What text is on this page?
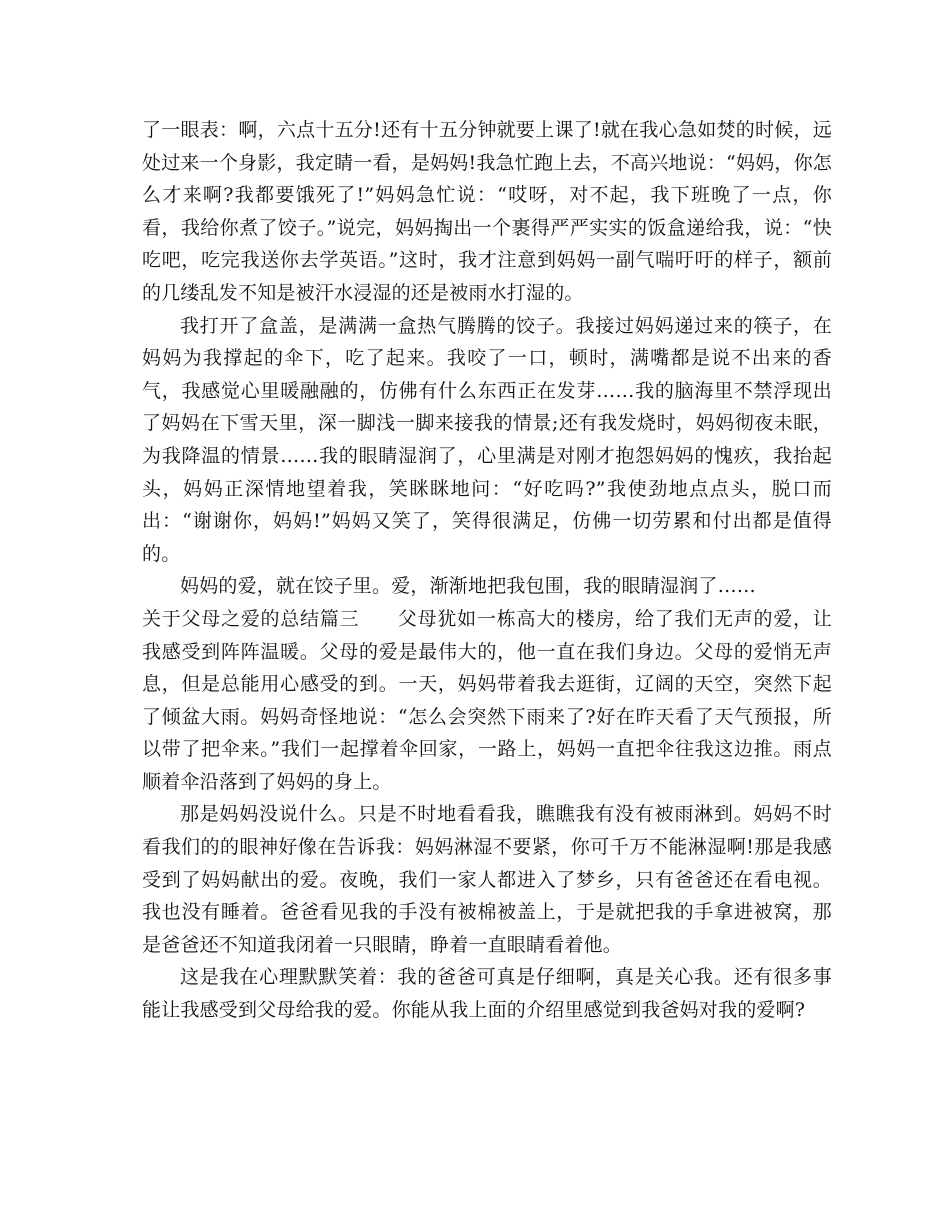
了一眼表：啊，六点十五分!还有十五分钟就要上课了!就在我心急如焚的时候，远处过来一个身影，我定睛一看，是妈妈!我急忙跑上去，不高兴地说：“妈妈，你怎么才来啊?我都要饿死了!”妈妈急忙说：“哎呀，对不起，我下班晚了一点，你看，我给你煮了饺子。”说完，妈妈掏出一个裹得严严实实的饭盒递给我，说：“快吃吧，吃完我送你去学英语。”这时，我才注意到妈妈一副气喘吁吁的样子，额前的几缕乱发不知是被汗水浸湿的还是被雨水打湿的。

我打开了盒盖，是满满一盒热气腾腾的饺子。我接过妈妈递过来的筷子，在妈妈为我撑起的伞下，吃了起来。我咬了一口，顿时，满嘴都是说不出来的香气，我感觉心里暖融融的，仿佛有什么东西正在发芽……我的脑海里不禁浮现出了妈妈在下雪天里，深一脚浅一脚来接我的情景;还有我发烧时，妈妈彻夜未眠，为我降温的情景……我的眼睛湿润了，心里满是对刚才抱怨妈妈的愧疚，我抬起头，妈妈正深情地望着我，笑眯眯地问：“好吃吗?”我使劲地点点头，脱口而出：“谢谢你，妈妈!”妈妈又笑了，笑得很满足，仿佛一切劳累和付出都是值得的。

妈妈的爱，就在饺子里。爱，渐渐地把我包围，我的眼睛湿润了……

关于父母之爱的总结篇三 父母犹如一栋高大的楼房，给了我们无声的爱，让我感受到阵阵温暖。父母的爱是最伟大的，他一直在我们身边。父母的爱悄无声息，但是总能用心感受的到。一天，妈妈带着我去逛街，辽阔的天空，突然下起了倾盆大雨。妈妈奇怪地说：“怎么会突然下雨来了?好在昨天看了天气预报，所以带了把伞来。”我们一起撑着伞回家，一路上，妈妈一直把伞往我这边推。雨点顺着伞沿落到了妈妈的身上。

那是妈妈没说什么。只是不时地看看我，瞧瞧我有没有被雨淋到。妈妈不时看我们的的眼神好像在告诉我：妈妈淋湿不要紧，你可千万不能淋湿啊!那是我感受到了妈妈献出的爱。夜晚，我们一家人都进入了梦乡，只有爸爸还在看电视。我也没有睡着。爸爸看见我的手没有被棉被盖上，于是就把我的手拿进被窝，那是爸爸还不知道我闭着一只眼睛，睁着一直眼睛看着他。

这是我在心理默默笑着：我的爸爸可真是仔细啊，真是关心我。还有很多事能让我感受到父母给我的爱。你能从我上面的介绍里感觉到我爸妈对我的爱啊?
